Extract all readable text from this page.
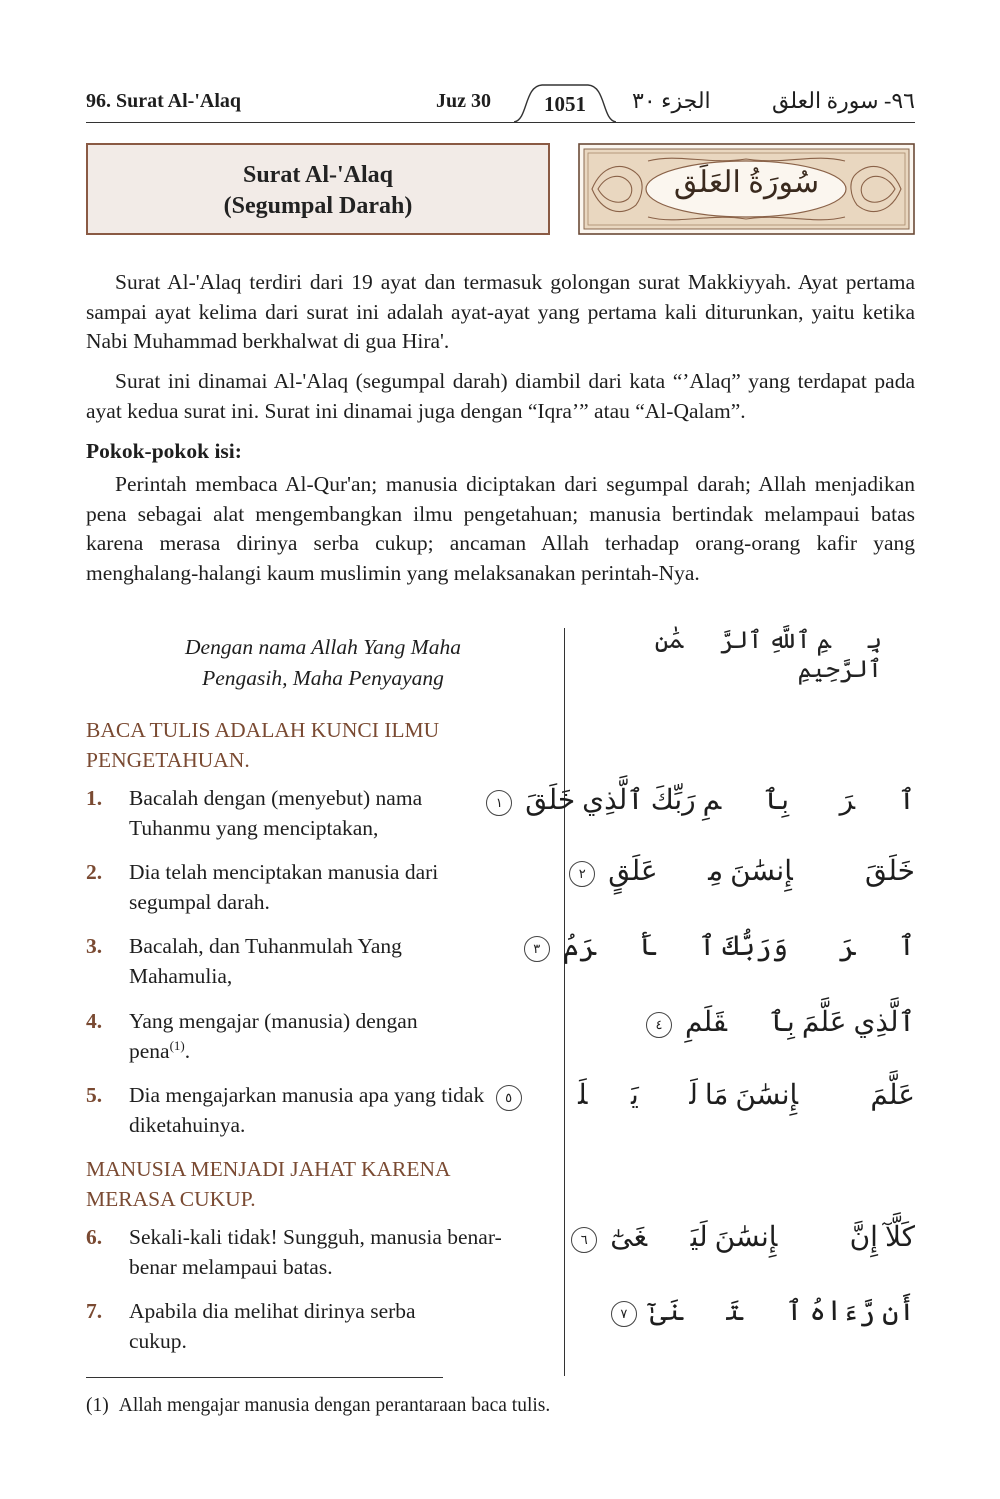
96. Surat Al-'Alaq	Juz 30	1051	الجزء ٣٠	٩٦- سورة العلق
Surat Al-'Alaq
(Segumpal Darah)
سُورَةُ العَلَق

Surat Al-'Alaq terdiri dari 19 ayat dan termasuk golongan surat Makkiyyah. Ayat pertama sampai ayat kelima dari surat ini adalah ayat-ayat yang pertama kali diturunkan, yaitu ketika Nabi Muhammad berkhalwat di gua Hira'.

Surat ini dinamai Al-'Alaq (segumpal darah) diambil dari kata “’Alaq” yang terdapat pada ayat kedua surat ini. Surat ini dinamai juga dengan “Iqra’” atau “Al-Qalam”.

Pokok-pokok isi:

Perintah membaca Al-Qur'an; manusia diciptakan dari segumpal darah; Allah menjadikan pena sebagai alat mengembangkan ilmu pengetahuan; manusia bertindak melampaui batas karena merasa dirinya serba cukup; ancaman Allah terhadap orang-orang kafir yang menghalang-halangi kaum muslimin yang melaksanakan perintah-Nya.

Dengan nama Allah Yang Maha
Pengasih, Maha Penyayang
بِسۡمِ ٱللَّهِ ٱلرَّحۡمَٰنِ ٱلرَّحِيمِ
BACA TULIS ADALAH KUNCI ILMU
PENGETAHUAN.
1. Bacalah dengan (menyebut) nama
Tuhanmu yang menciptakan,
ٱقۡرَأۡ بِٱسۡمِ رَبِّكَ ٱلَّذِي خَلَقَ ١
2. Dia telah menciptakan manusia dari
segumpal darah.
خَلَقَ ٱلۡإِنسَٰنَ مِنۡ عَلَقٍ ٢
3. Bacalah, dan Tuhanmulah Yang
Mahamulia,
ٱقۡرَأۡ وَرَبُّكَ ٱلۡأَكۡرَمُ ٣
4. Yang mengajar (manusia) dengan
pena$^{(1)}$.
ٱلَّذِي عَلَّمَ بِٱلۡقَلَمِ ٤
5. Dia mengajarkan manusia apa yang tidak
diketahuinya.
عَلَّمَ ٱلۡإِنسَٰنَ مَا لَمۡ يَعۡلَمۡ ٥
MANUSIA MENJADI JAHAT KARENA
MERASA CUKUP.
6. Sekali-kali tidak! Sungguh, manusia benar-
benar melampaui batas.
كَلَّآ إِنَّ ٱلۡإِنسَٰنَ لَيَطۡغَىٰٓ ٦
7. Apabila dia melihat dirinya serba
cukup.
أَن رَّءَاهُ ٱسۡتَغۡنَىٰٓ ٧
(1) Allah mengajar manusia dengan perantaraan baca tulis.
